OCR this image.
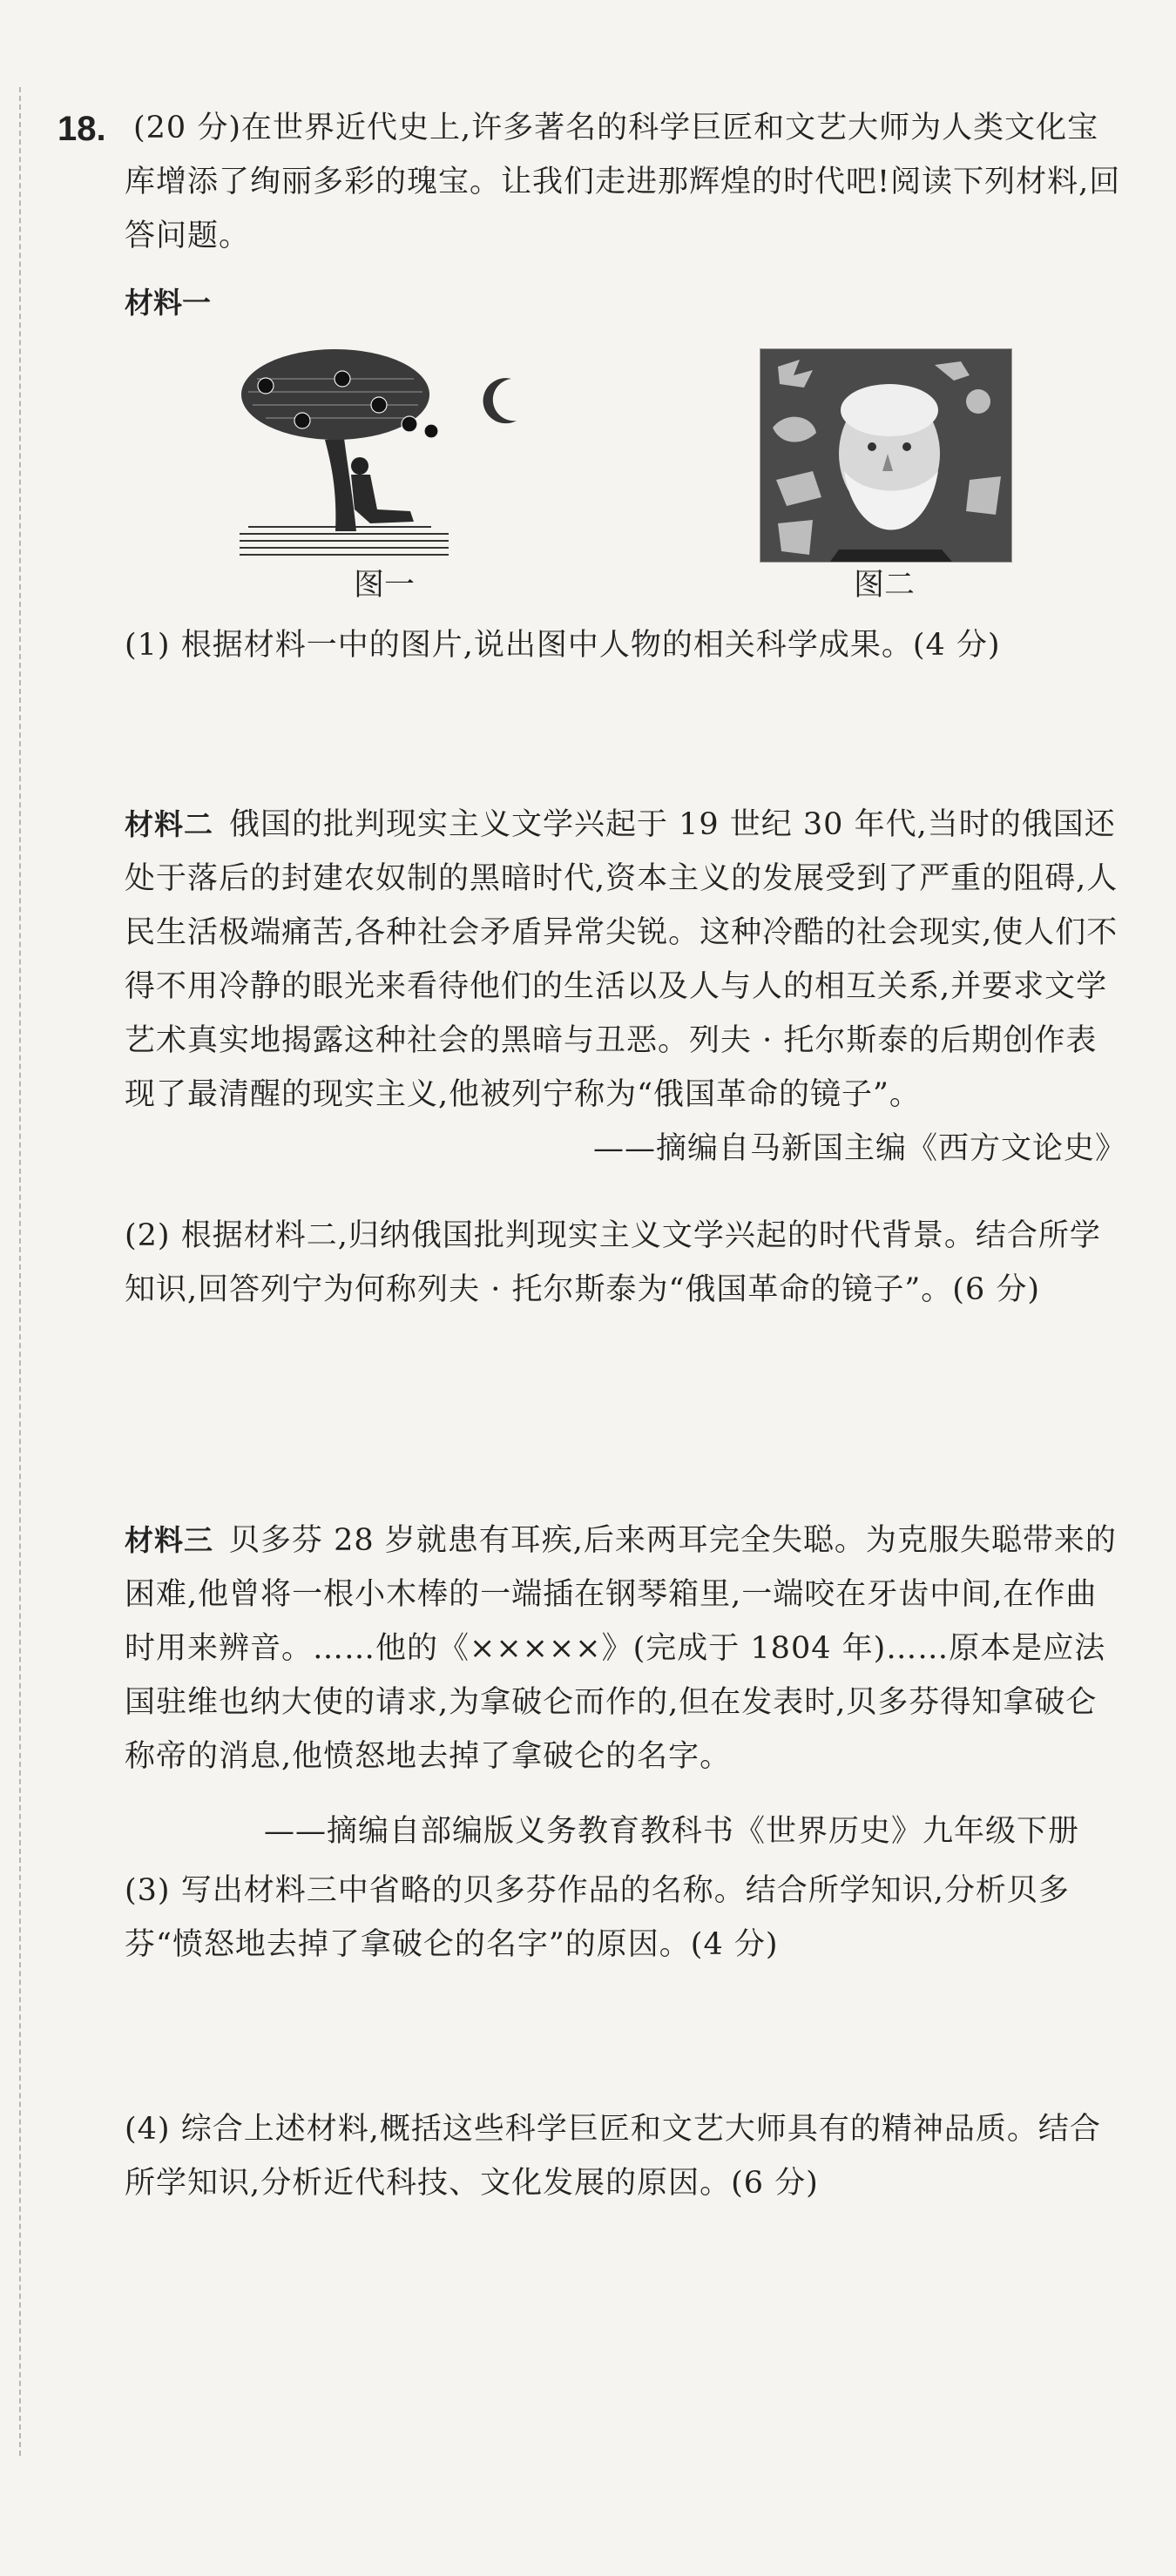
18. (20 分)在世界近代史上,许多著名的科学巨匠和文艺大师为人类文化宝库增添了绚丽多彩的瑰宝。让我们走进那辉煌的时代吧!阅读下列材料,回答问题。

材料一
图一	图二

(1) 根据材料一中的图片,说出图中人物的相关科学成果。(4 分)

材料二 俄国的批判现实主义文学兴起于 19 世纪 30 年代,当时的俄国还处于落后的封建农奴制的黑暗时代,资本主义的发展受到了严重的阻碍,人民生活极端痛苦,各种社会矛盾异常尖锐。这种冷酷的社会现实,使人们不得不用冷静的眼光来看待他们的生活以及人与人的相互关系,并要求文学艺术真实地揭露这种社会的黑暗与丑恶。列夫 · 托尔斯泰的后期创作表现了最清醒的现实主义,他被列宁称为“俄国革命的镜子”。
——摘编自马新国主编《西方文论史》

(2) 根据材料二,归纳俄国批判现实主义文学兴起的时代背景。结合所学知识,回答列宁为何称列夫 · 托尔斯泰为“俄国革命的镜子”。(6 分)

材料三 贝多芬 28 岁就患有耳疾,后来两耳完全失聪。为克服失聪带来的困难,他曾将一根小木棒的一端插在钢琴箱里,一端咬在牙齿中间,在作曲时用来辨音。……他的《×××××》(完成于 1804 年)……原本是应法国驻维也纳大使的请求,为拿破仑而作的,但在发表时,贝多芬得知拿破仑称帝的消息,他愤怒地去掉了拿破仑的名字。

——摘编自部编版义务教育教科书《世界历史》九年级下册

(3) 写出材料三中省略的贝多芬作品的名称。结合所学知识,分析贝多芬“愤怒地去掉了拿破仑的名字”的原因。(4 分)

(4) 综合上述材料,概括这些科学巨匠和文艺大师具有的精神品质。结合所学知识,分析近代科技、文化发展的原因。(6 分)
